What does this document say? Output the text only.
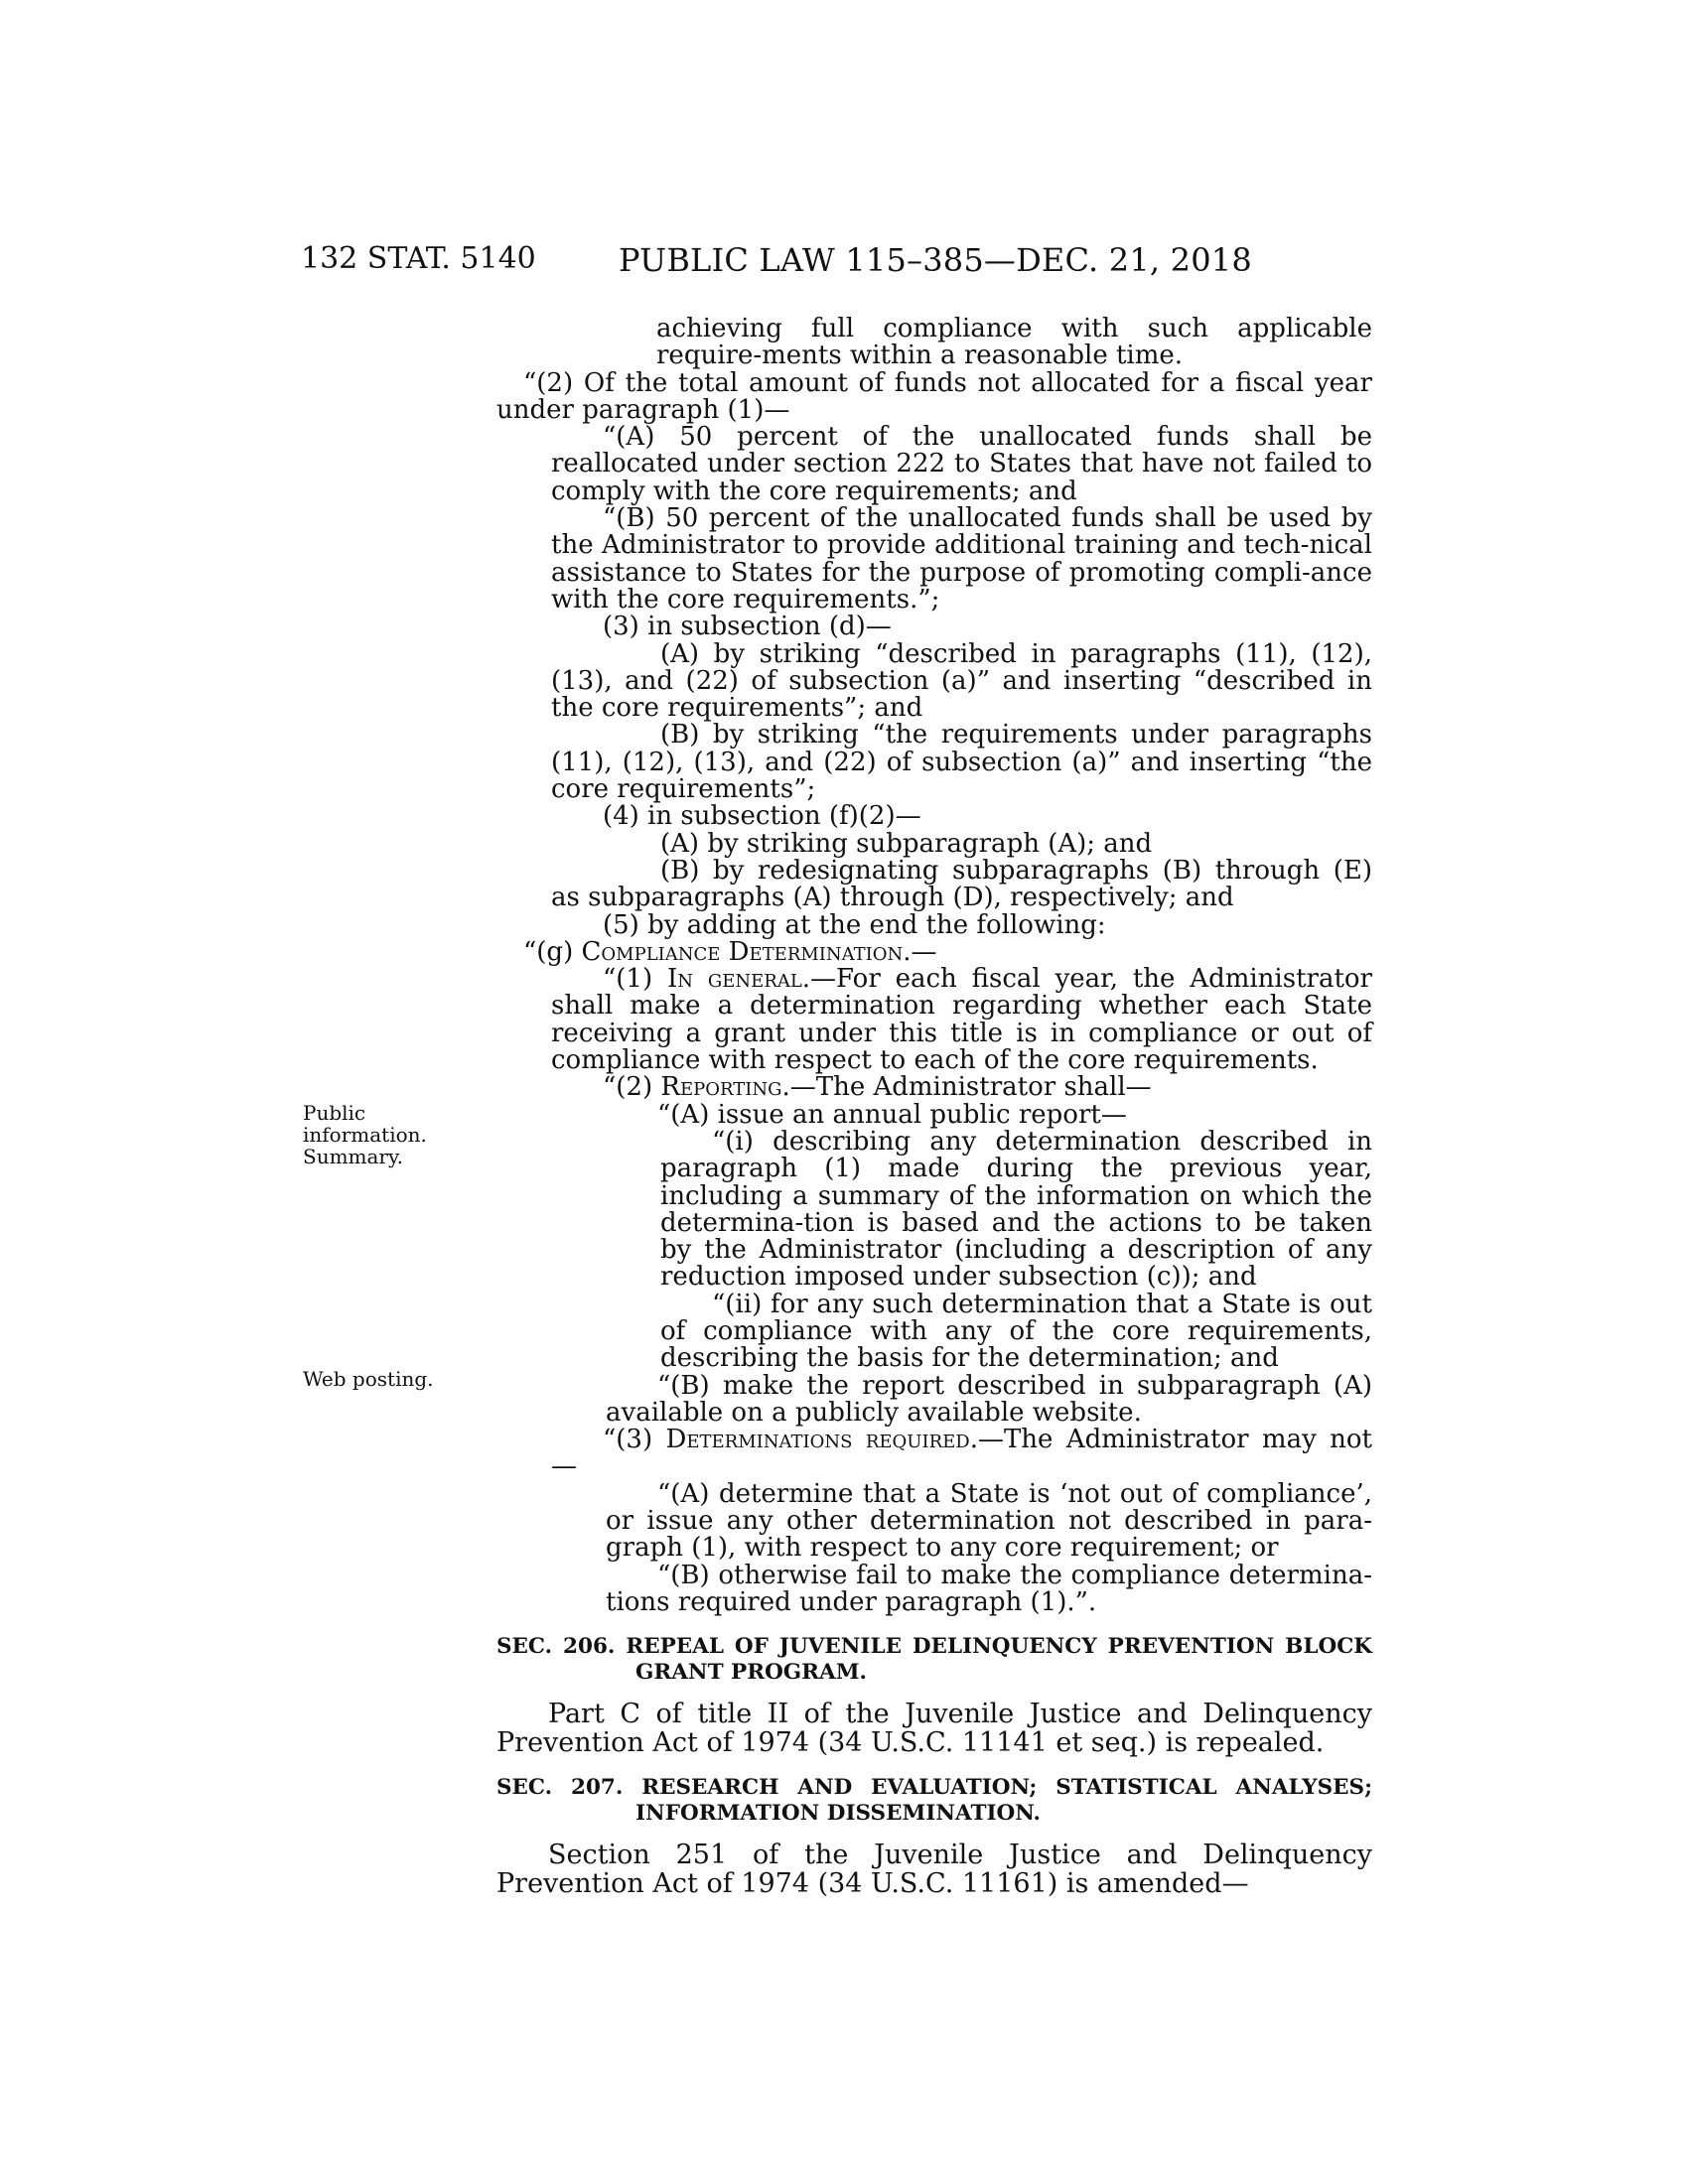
132 STAT. 5140	PUBLIC LAW 115–385—DEC. 21, 2018
Public
information.
Summary.
Web posting.

achieving full compliance with such applicable require-ments within a reasonable time.

“(2) Of the total amount of funds not allocated for a fiscal year under paragraph (1)—

“(A) 50 percent of the unallocated funds shall be reallocated under section 222 to States that have not failed to comply with the core requirements; and

“(B) 50 percent of the unallocated funds shall be used by the Administrator to provide additional training and tech-nical assistance to States for the purpose of promoting compli-ance with the core requirements.”;

(3) in subsection (d)—

(A) by striking “described in paragraphs (11), (12), (13), and (22) of subsection (a)” and inserting “described in the core requirements”; and

(B) by striking “the requirements under paragraphs (11), (12), (13), and (22) of subsection (a)” and inserting “the core requirements”;

(4) in subsection (f)(2)—

(A) by striking subparagraph (A); and

(B) by redesignating subparagraphs (B) through (E) as subparagraphs (A) through (D), respectively; and

(5) by adding at the end the following:

“(g) Compliance Determination.—

“(1) In general.—For each fiscal year, the Administrator shall make a determination regarding whether each State receiving a grant under this title is in compliance or out of compliance with respect to each of the core requirements.

“(2) Reporting.—The Administrator shall—

“(A) issue an annual public report—

“(i) describing any determination described in paragraph (1) made during the previous year, including a summary of the information on which the determina-tion is based and the actions to be taken by the Administrator (including a description of any reduction imposed under subsection (c)); and

“(ii) for any such determination that a State is out of compliance with any of the core requirements, describing the basis for the determination; and

“(B) make the report described in subparagraph (A) available on a publicly available website.

“(3) Determinations required.—The Administrator may not—

“(A) determine that a State is ‘not out of compliance’, or issue any other determination not described in para-graph (1), with respect to any core requirement; or

“(B) otherwise fail to make the compliance determina-tions required under paragraph (1).”.

SEC. 206. REPEAL OF JUVENILE DELINQUENCY PREVENTION BLOCK GRANT PROGRAM.

Part C of title II of the Juvenile Justice and Delinquency Prevention Act of 1974 (34 U.S.C. 11141 et seq.) is repealed.

SEC. 207. RESEARCH AND EVALUATION; STATISTICAL ANALYSES; INFORMATION DISSEMINATION.

Section 251 of the Juvenile Justice and Delinquency Prevention Act of 1974 (34 U.S.C. 11161) is amended—
